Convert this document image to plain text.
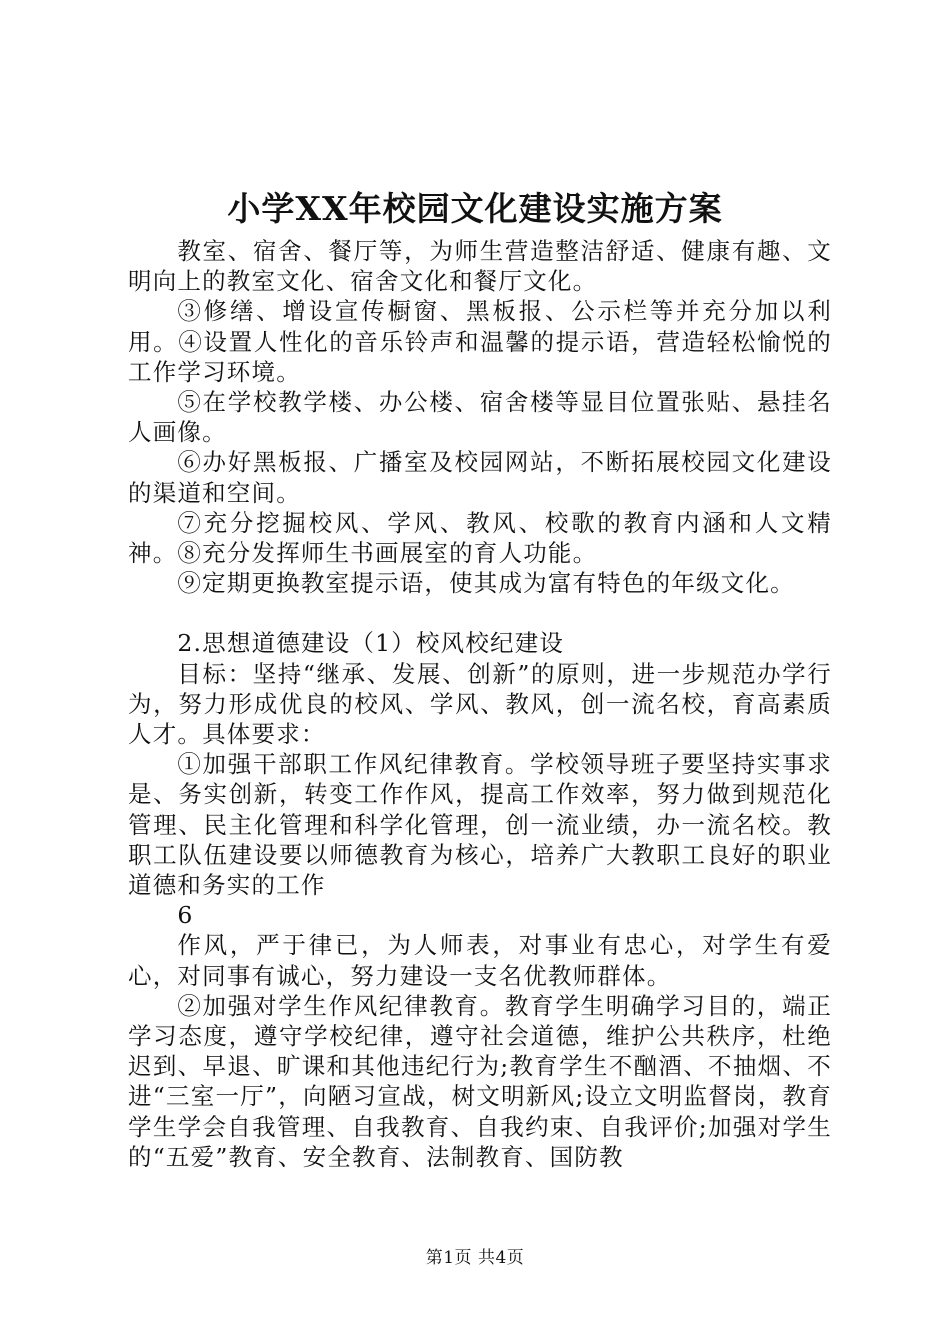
小学XX年校园文化建设实施方案

教室、宿舍、餐厅等，为师生营造整洁舒适、健康有趣、文明向上的教室文化、宿舍文化和餐厅文化。

③修缮、增设宣传橱窗、黑板报、公示栏等并充分加以利用。④设置人性化的音乐铃声和温馨的提示语，营造轻松愉悦的工作学习环境。

⑤在学校教学楼、办公楼、宿舍楼等显目位置张贴、悬挂名人画像。

⑥办好黑板报、广播室及校园网站，不断拓展校园文化建设的渠道和空间。

⑦充分挖掘校风、学风、教风、校歌的教育内涵和人文精神。⑧充分发挥师生书画展室的育人功能。

⑨定期更换教室提示语，使其成为富有特色的年级文化。

2.思想道德建设（1）校风校纪建设

目标：坚持“继承、发展、创新”的原则，进一步规范办学行为，努力形成优良的校风、学风、教风，创一流名校，育高素质人才。具体要求：

①加强干部职工作风纪律教育。学校领导班子要坚持实事求是、务实创新，转变工作作风，提高工作效率，努力做到规范化管理、民主化管理和科学化管理，创一流业绩，办一流名校。教职工队伍建设要以师德教育为核心，培养广大教职工良好的职业道德和务实的工作

6

作风，严于律已，为人师表，对事业有忠心，对学生有爱心，对同事有诚心，努力建设一支名优教师群体。

②加强对学生作风纪律教育。教育学生明确学习目的，端正学习态度，遵守学校纪律，遵守社会道德，维护公共秩序，杜绝迟到、早退、旷课和其他违纪行为;教育学生不酗酒、不抽烟、不进“三室一厅”，向陋习宣战，树文明新风;设立文明监督岗，教育学生学会自我管理、自我教育、自我约束、自我评价;加强对学生的“五爱”教育、安全教育、法制教育、国防教

第1页 共4页
